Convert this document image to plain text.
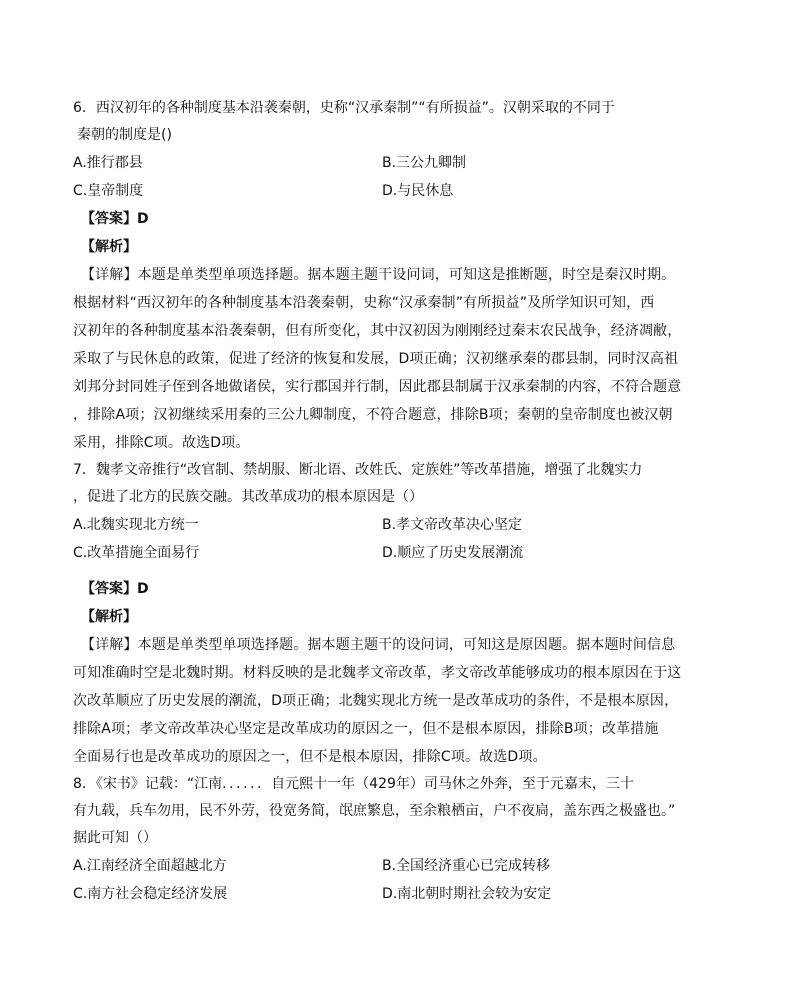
6．西汉初年的各种制度基本沿袭秦朝，史称“汉承秦制”“有所损益”。汉朝采取的不同于
秦朝的制度是()
A.推行郡县	B.三公九卿制
C.皇帝制度	D.与民休息
【答案】D
【解析】
【详解】本题是单类型单项选择题。据本题主题干设问词，可知这是推断题，时空是秦汉时期。
根据材料“西汉初年的各种制度基本沿袭秦朝，史称“汉承秦制”有所损益”及所学知识可知，西
汉初年的各种制度基本沿袭秦朝，但有所变化，其中汉初因为刚刚经过秦末农民战争，经济凋敝，
采取了与民休息的政策，促进了经济的恢复和发展，D项正确；汉初继承秦的郡县制，同时汉高祖
刘邦分封同姓子侄到各地做诸侯，实行郡国并行制，因此郡县制属于汉承秦制的内容，不符合题意
，排除A项；汉初继续采用秦的三公九卿制度，不符合题意，排除B项；秦朝的皇帝制度也被汉朝
采用，排除C项。故选D项。
7．魏孝文帝推行“改官制、禁胡服、断北语、改姓氏、定族姓”等改革措施，增强了北魏实力
，促进了北方的民族交融。其改革成功的根本原因是（）
A.北魏实现北方统一	B.孝文帝改革决心坚定
C.改革措施全面易行	D.顺应了历史发展潮流
【答案】D
【解析】
【详解】本题是单类型单项选择题。据本题主题干的设问词，可知这是原因题。据本题时间信息
可知准确时空是北魏时期。材料反映的是北魏孝文帝改革，孝文帝改革能够成功的根本原因在于这
次改革顺应了历史发展的潮流，D项正确；北魏实现北方统一是改革成功的条件，不是根本原因，
排除A项；孝文帝改革决心坚定是改革成功的原因之一，但不是根本原因，排除B项；改革措施
全面易行也是改革成功的原因之一，但不是根本原因，排除C项。故选D项。
8．《宋书》记载：“江南．．．．．．自元熙十一年（429年）司马休之外奔，至于元嘉末，三十
有九载，兵车勿用，民不外劳，役宽务简，氓庶繁息，至余粮栖亩，户不夜扃，盖东西之极盛也。”
据此可知（）
A.江南经济全面超越北方	B.全国经济重心已完成转移
C.南方社会稳定经济发展	D.南北朝时期社会较为安定
